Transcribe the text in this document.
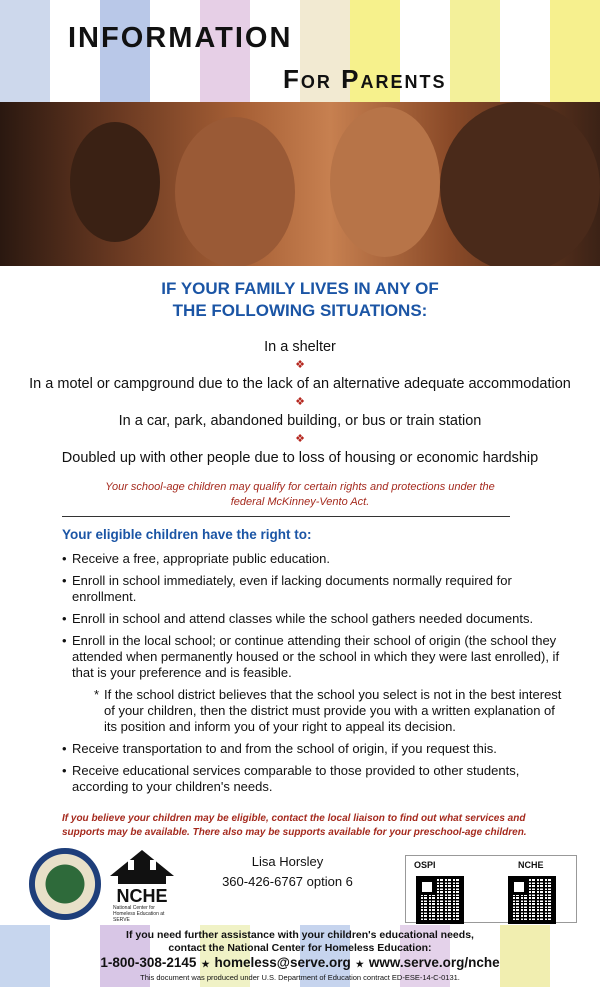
INFORMATION
For Parents
IF YOUR FAMILY LIVES IN ANY OF
THE FOLLOWING SITUATIONS:
In a shelter
❖
In a motel or campground due to the lack of an alternative adequate accommodation
❖
In a car, park, abandoned building, or bus or train station
❖
Doubled up with other people due to loss of housing or economic hardship
Your school-age children may qualify for certain rights and protections under the
federal McKinney-Vento Act.
Your eligible children have the right to:
• Receive a free, appropriate public education.
• Enroll in school immediately, even if lacking documents normally required for enrollment.
• Enroll in school and attend classes while the school gathers needed documents.
• Enroll in the local school; or continue attending their school of origin (the school they attended when permanently housed or the school in which they were last enrolled), if that is your preference and is feasible.
* If the school district believes that the school you select is not in the best interest of your children, then the district must provide you with a written explanation of its position and inform you of your right to appeal its decision.
• Receive transportation to and from the school of origin, if you request this.
• Receive educational services comparable to those provided to other students, according to your children's needs.
If you believe your children may be eligible, contact the local liaison to find out what services and
supports may be available. There also may be supports available for your preschool-age children.
NCHE
National Center for Homeless Education at SERVE
Lisa Horsley
360-426-6767 option 6
OSPI	NCHE
If you need further assistance with your children's educational needs,
contact the National Center for Homeless Education:
1-800-308-2145 ★ homeless@serve.org ★ www.serve.org/nche
This document was produced under U.S. Department of Education contract ED-ESE-14-C-0131.
